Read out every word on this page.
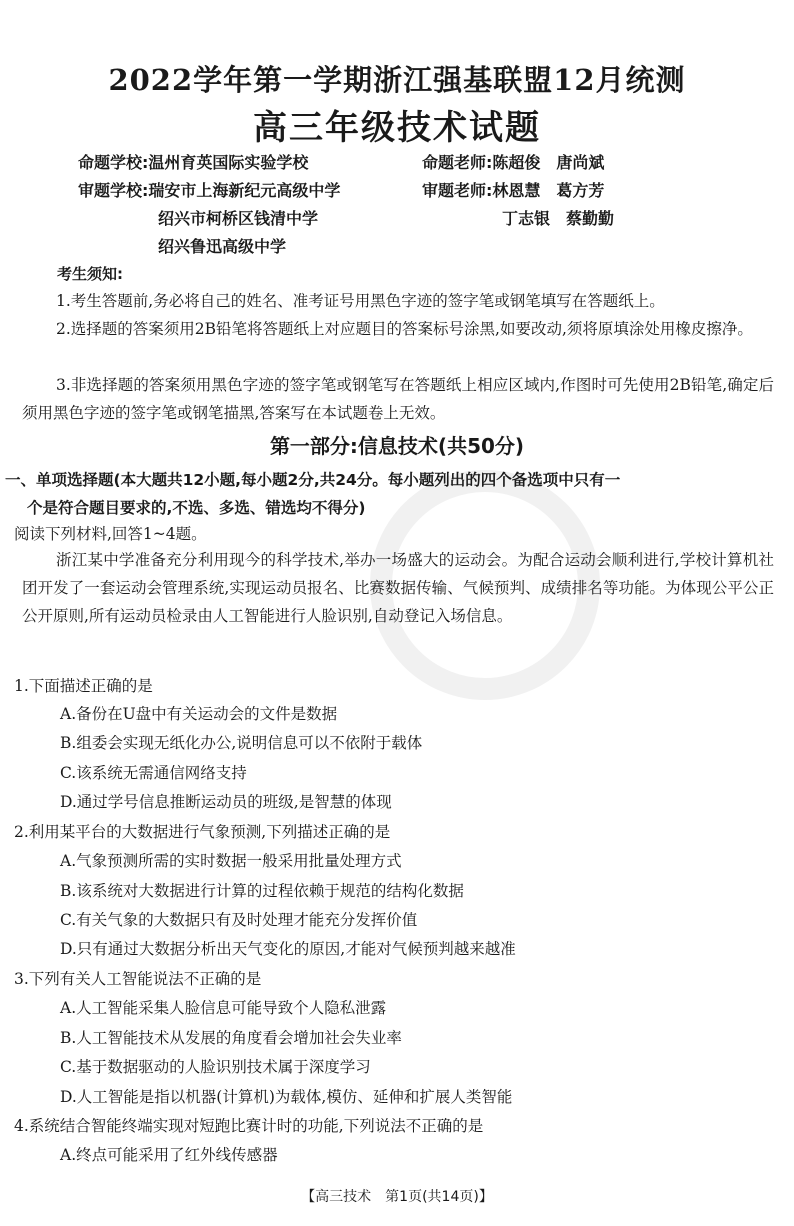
2022学年第一学期浙江强基联盟12月统测
高三年级技术试题
命题学校:温州育英国际实验学校	命题老师:陈超俊　唐尚斌
审题学校:瑞安市上海新纪元高级中学	审题老师:林恩慧　葛方芳
绍兴市柯桥区钱清中学	丁志银　蔡勤勤
绍兴鲁迅高级中学
考生须知:
1.考生答题前,务必将自己的姓名、准考证号用黑色字迹的签字笔或钢笔填写在答题纸上。
2.选择题的答案须用2B铅笔将答题纸上对应题目的答案标号涂黑,如要改动,须将原填涂处用橡皮擦净。
3.非选择题的答案须用黑色字迹的签字笔或钢笔写在答题纸上相应区域内,作图时可先使用2B铅笔,确定后须用黑色字迹的签字笔或钢笔描黑,答案写在本试题卷上无效。
第一部分:信息技术(共50分)
一、单项选择题(本大题共12小题,每小题2分,共24分。每小题列出的四个备选项中只有一
个是符合题目要求的,不选、多选、错选均不得分)
阅读下列材料,回答1~4题。
浙江某中学准备充分利用现今的科学技术,举办一场盛大的运动会。为配合运动会顺利进行,学校计算机社团开发了一套运动会管理系统,实现运动员报名、比赛数据传输、气候预判、成绩排名等功能。为体现公平公正公开原则,所有运动员检录由人工智能进行人脸识别,自动登记入场信息。
1.下面描述正确的是
A.备份在U盘中有关运动会的文件是数据
B.组委会实现无纸化办公,说明信息可以不依附于载体
C.该系统无需通信网络支持
D.通过学号信息推断运动员的班级,是智慧的体现
2.利用某平台的大数据进行气象预测,下列描述正确的是
A.气象预测所需的实时数据一般采用批量处理方式
B.该系统对大数据进行计算的过程依赖于规范的结构化数据
C.有关气象的大数据只有及时处理才能充分发挥价值
D.只有通过大数据分析出天气变化的原因,才能对气候预判越来越准
3.下列有关人工智能说法不正确的是
A.人工智能采集人脸信息可能导致个人隐私泄露
B.人工智能技术从发展的角度看会增加社会失业率
C.基于数据驱动的人脸识别技术属于深度学习
D.人工智能是指以机器(计算机)为载体,模仿、延伸和扩展人类智能
4.系统结合智能终端实现对短跑比赛计时的功能,下列说法不正确的是
A.终点可能采用了红外线传感器
【高三技术　第1页(共14页)】
